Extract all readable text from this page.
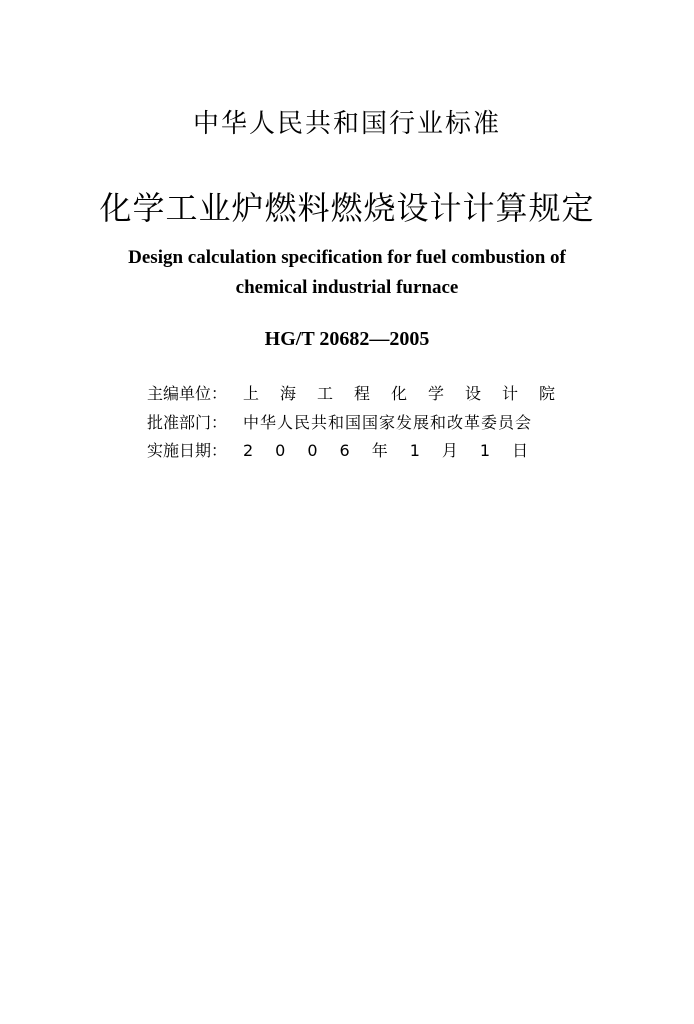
中华人民共和国行业标准
化学工业炉燃料燃烧设计计算规定
Design calculation specification for fuel combustion of
chemical industrial furnace
HG/T 20682—2005
主编单位： 上海工程化学设计院
批准部门： 中华人民共和国国家发展和改革委员会
实施日期： 2006年1月1日
